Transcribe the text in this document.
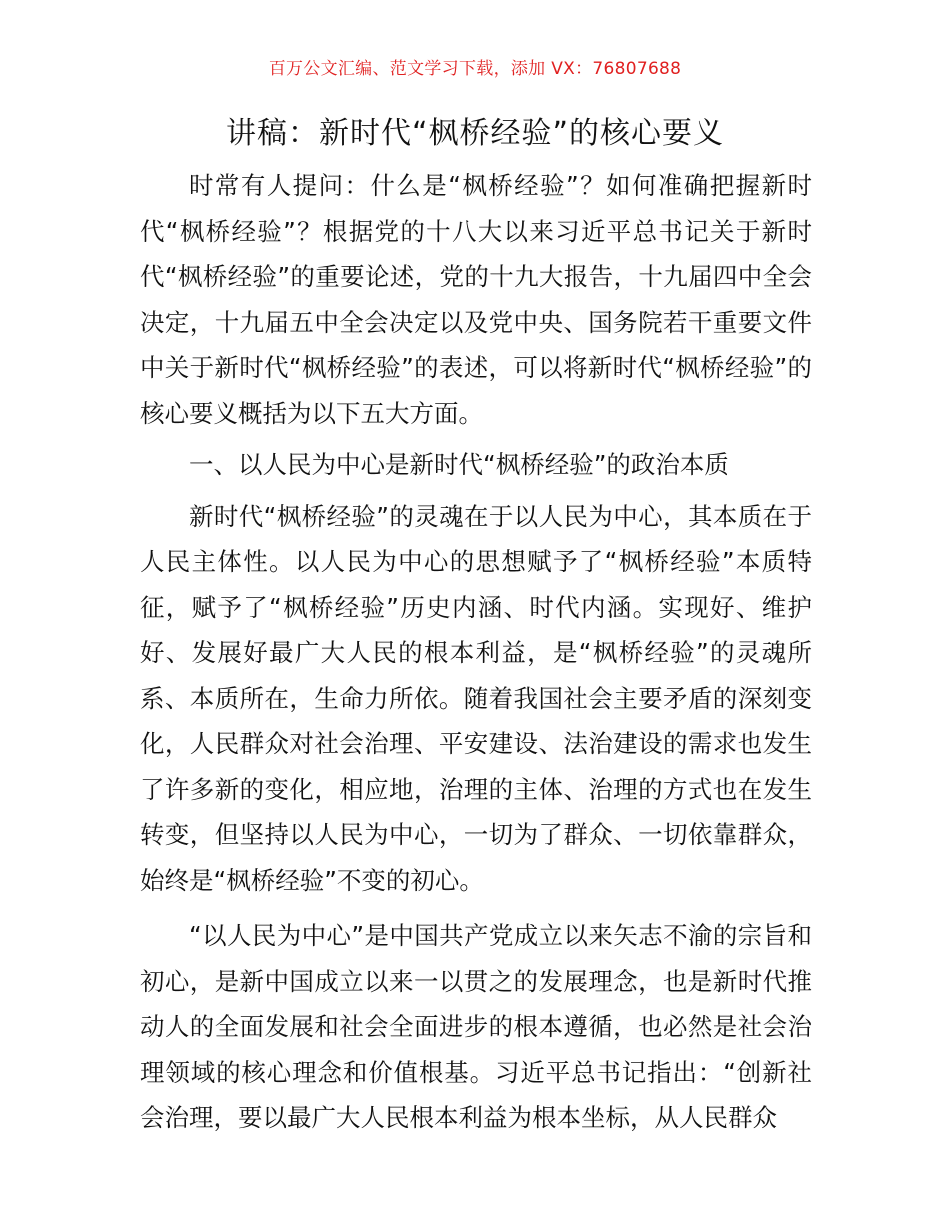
百万公文汇编、范文学习下载，添加 VX：76807688
讲稿：新时代“枫桥经验”的核心要义

时常有人提问：什么是“枫桥经验”？如何准确把握新时代“枫桥经验”？根据党的十八大以来习近平总书记关于新时代“枫桥经验”的重要论述，党的十九大报告，十九届四中全会决定，十九届五中全会决定以及党中央、国务院若干重要文件中关于新时代“枫桥经验”的表述，可以将新时代“枫桥经验”的核心要义概括为以下五大方面。

一、以人民为中心是新时代“枫桥经验”的政治本质

新时代“枫桥经验”的灵魂在于以人民为中心，其本质在于人民主体性。以人民为中心的思想赋予了“枫桥经验”本质特征，赋予了“枫桥经验”历史内涵、时代内涵。实现好、维护好、发展好最广大人民的根本利益，是“枫桥经验”的灵魂所系、本质所在，生命力所依。随着我国社会主要矛盾的深刻变化，人民群众对社会治理、平安建设、法治建设的需求也发生了许多新的变化，相应地，治理的主体、治理的方式也在发生转变，但坚持以人民为中心，一切为了群众、一切依靠群众，始终是“枫桥经验”不变的初心。

“以人民为中心”是中国共产党成立以来矢志不渝的宗旨和初心，是新中国成立以来一以贯之的发展理念，也是新时代推动人的全面发展和社会全面进步的根本遵循，也必然是社会治理领域的核心理念和价值根基。习近平总书记指出：“创新社会治理，要以最广大人民根本利益为根本坐标，从人民群众
